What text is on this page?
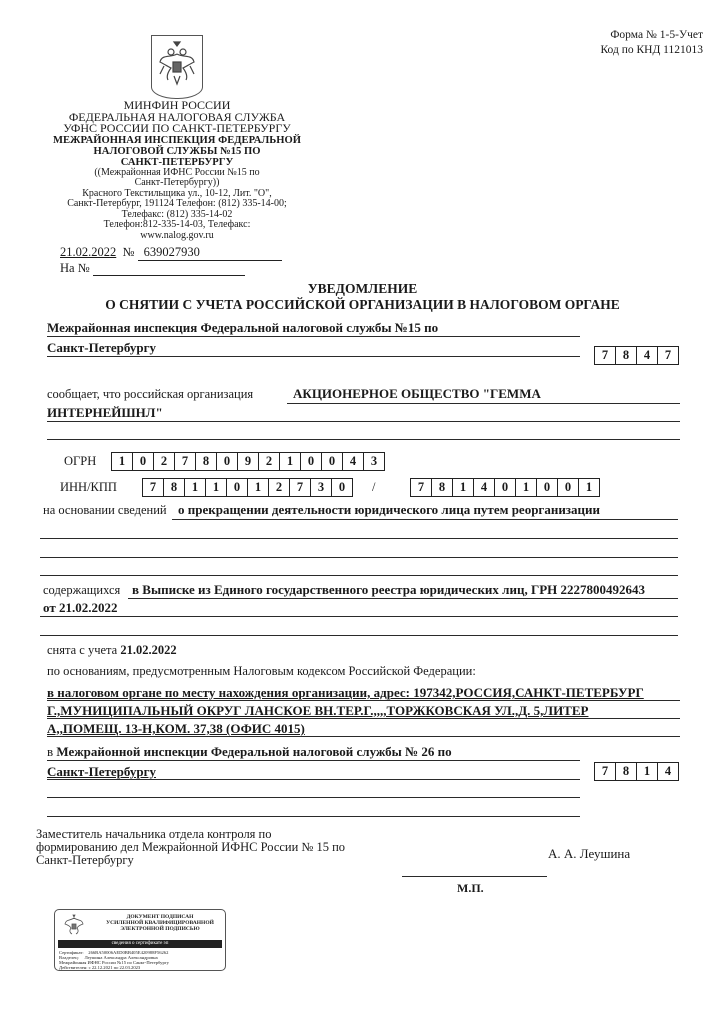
Форма № 1-5-Учет
Код по КНД 1121013
МИНФИН РОССИИ
ФЕДЕРАЛЬНАЯ НАЛОГОВАЯ СЛУЖБА
УФНС РОССИИ ПО САНКТ-ПЕТЕРБУРГУ
МЕЖРАЙОННАЯ ИНСПЕКЦИЯ ФЕДЕРАЛЬНОЙ
НАЛОГОВОЙ СЛУЖБЫ №15 ПО
САНКТ-ПЕТЕРБУРГУ
((Межрайонная ИФНС России №15 по
Санкт-Петербургу))
Красного Текстильщика ул., 10-12, Лит. "О",
Санкт-Петербург, 191124 Телефон: (812) 335-14-00;
Телефакс: (812) 335-14-02
Телефон:812-335-14-03, Телефакс:
www.nalog.gov.ru
21.02.2022 № 639027930
На №
УВЕДОМЛЕНИЕ
О СНЯТИИ С УЧЕТА РОССИЙСКОЙ ОРГАНИЗАЦИИ В НАЛОГОВОМ ОРГАНЕ
Межрайонная инспекция Федеральной налоговой службы №15 по
Санкт-Петербургу	7	8	4	7
сообщает, что российская организация	АКЦИОНЕРНОЕ ОБЩЕСТВО "ГЕММА
ИНТЕРНЕЙШНЛ"
ОГРН	1	0	2	7	8	0	9	2	1	0	0	4	3
ИНН/КПП	7	8	1	1	0	1	2	7	3	0	/	7	8	1	4	0	1	0	0	1
на основании сведений о прекращении деятельности юридического лица путем реорганизации
содержащихся в Выписке из Единого государственного реестра юридических лиц, ГРН 2227800492643
от 21.02.2022
снята с учета 21.02.2022
по основаниям, предусмотренным Налоговым кодексом Российской Федерации:
в налоговом органе по месту нахождения организации, адрес: 197342,РОССИЯ,САНКТ-ПЕТЕРБУРГ
Г.,МУНИЦИПАЛЬНЫЙ ОКРУГ ЛАНСКОЕ ВН.ТЕР.Г.,,,,ТОРЖКОВСКАЯ УЛ.,Д. 5,ЛИТЕР
А,,ПОМЕЩ. 13-Н,КОМ. 37,38 (ОФИС 4015)
в Межрайонной инспекции Федеральной налоговой службы № 26 по
Санкт-Петербургу	7	8	1	4
Заместитель начальника отдела контроля по
формированию дел Межрайонной ИФНС России № 15 по
Санкт-Петербургу	А. А. Леушина
М.П.
ДОКУМЕНТ ПОДПИСАН
УСИЛЕННОЙ КВАЛИФИЦИРОВАННОЙ
ЭЛЕКТРОННОЙ ПОДПИСЬЮ
сведения о сертификате эп
Сертификат: 266BA50006AED0BB405E420988F56262
Владелец: Леушина Александра Александровна
Межрайонная ИФНС России №15 по Санкт-Петербургу
Действителен: с 22.12.2021 по 22.03.2023
